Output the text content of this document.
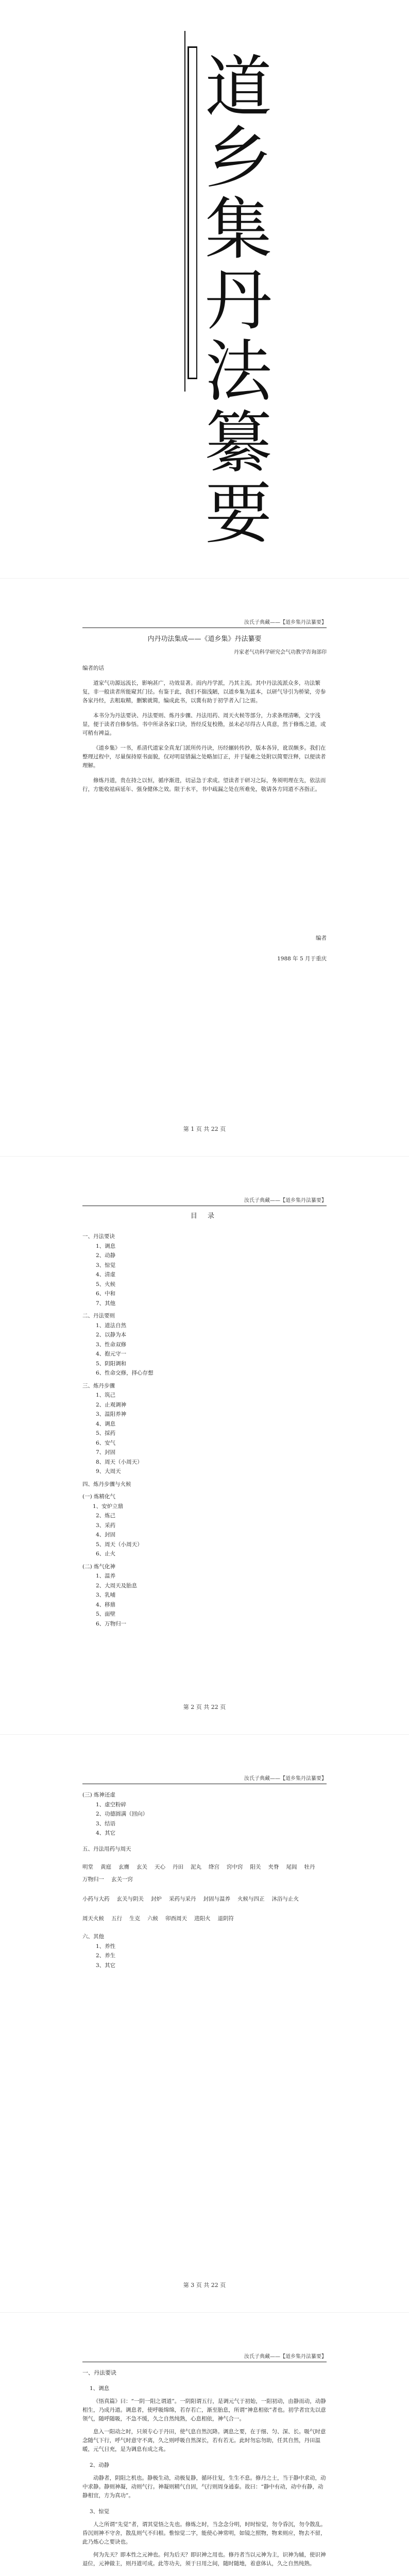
道
乡
集
丹
法
纂
要
汝氏子典藏——【道乡集丹法纂要】
内丹功法集成——《道乡集》丹法纂要
丹家老气功科学研究会气功教学咨询部印

编者的话

道家气功源远流长，影响甚广，功效显著。而内丹学派，乃其主流。其中丹法流派众多，功法繁复，非一般读者所能窥其门径。有鉴于此，我们不揣浅陋，以道乡集为蓝本，以研气导引为桥梁，旁参各家丹经，去粗取精，删繁就简，编成此书，以冀有助于初学者入门之需。

本书分为丹法要诀、丹法要则、炼丹步骤、丹法用药、周天火候等部分，力求条理清晰，文字浅显，便于读者自修参悟。书中所录各家口诀，皆经反复校勘，虽未必尽得古人真意，然于修炼之道，或可稍有裨益。

《道乡集》一书，系清代道家全真龙门派所传丹诀，历经辗转传抄，版本各异，讹误颇多。我们在整理过程中，尽量保持原书面貌，仅对明显错漏之处略加订正，并于疑难之处附以简要注释，以便读者理解。

修炼丹道，贵在持之以恒，循序渐进，切忌急于求成。望读者于研习之际，务须明理在先，依法而行，方能收祛病延年、强身健体之效。限于水平，书中疏漏之处在所难免，敬请各方同道不吝指正。

编者
1988 年 5 月于重庆
第 1 页 共 22 页
汝氏子典藏——【道乡集丹法纂要】
目 录
一、丹法要诀
1、调息
2、动静
3、惊觉
4、清虚
5、火候
6、中和
7、其他
二、丹法要则
1、道法自然
2、以静为本
3、性命双修
4、抱元守一
5、阴阳调和
6、性命交修，择心存想
三、炼丹步骤
1、筑己
2、止观调神
3、温阳养神
4、调息
5、採药
6、安气
7、封固
8、周天（小周天）
9、大周天
四、炼丹步骤与火候
(一) 炼精化气
1、安炉立鼎
2、炼己
3、采药
4、封固
5、周天（小周天）
6、止火
(二) 炼气化神
1、温养
2、大周天及胎息
3、乳哺
4、移鼎
5、面壁
6、万物归一
第 2 页 共 22 页
汝氏子典藏——【道乡集丹法纂要】
(三) 炼神还虚
1、虚空粉碎
2、功德圆满（回向）
3、结语
4、其它
五、丹法用药与周天
明堂 黄庭 玄膺 玄关 天心 丹田 泥丸 绛宫 窍中窍 阳关 夹脊 尾闾 牡丹万物归一 玄关一窍
小药与大药 玄关与阴关 封炉 采药与采丹 封固与温养 火候与四正 沐浴与止火
周天火候 五行 生克 六候 卯酉周天 进阳火 退阴符
六、其他
1、养性
2、养生
3、其它
第 3 页 共 22 页
汝氏子典藏——【道乡集丹法纂要】
一、丹法要诀
1、调息

《悟真篇》曰：“一阴一阳之谓道”。一阴阳谓五行，是调元气于初始，一阳初动，由静而动，动静相生，乃成丹道。调息者，使呼吸绵绵，若存若亡，渐至胎息，所谓“神息相依”者也。初学者宜先以意领气，随呼随吸，不急不缓，久之自然纯熟，心息相依，神气合一。

息入一阳动之时，只须专心于丹田，使气息自然沉降。调息之要，在于细、匀、深、长。吸气时意念随气下行，呼气时意守不离，久之则呼吸自然深长，若有若无。此时勿忘勿助，任其自然，丹田温暖，元气日充，是为调息有成之兆。

2、动静

动静者，阴阳之机也。静极生动，动极复静，循环往复，生生不息。修丹之士，当于静中求动，动中求静。静则神凝，动则气行。神凝则精气自固，气行则周身通泰。故曰：“静中有动，动中有静，动静相宜，方为真功”。

3、惊觉

人之所谓“先觉”者，谓其觉悟之先也。修炼之时，当念念分明，时时惊觉，勿令昏沉，勿令散乱。昏沉则神不守舍，散乱则气不归根。惟惊觉二字，能使心神常明，如镜之照物，物来则应，物去不留，此乃炼心之要诀也。

何为先天？即本性之元神也。何为后天？即识神之用也。修丹者当以元神为主，识神为辅，使识神退位，元神做主，则丹道可成。此等功夫，须于日用之间，随时随地，着意体认，久之自然纯熟。
